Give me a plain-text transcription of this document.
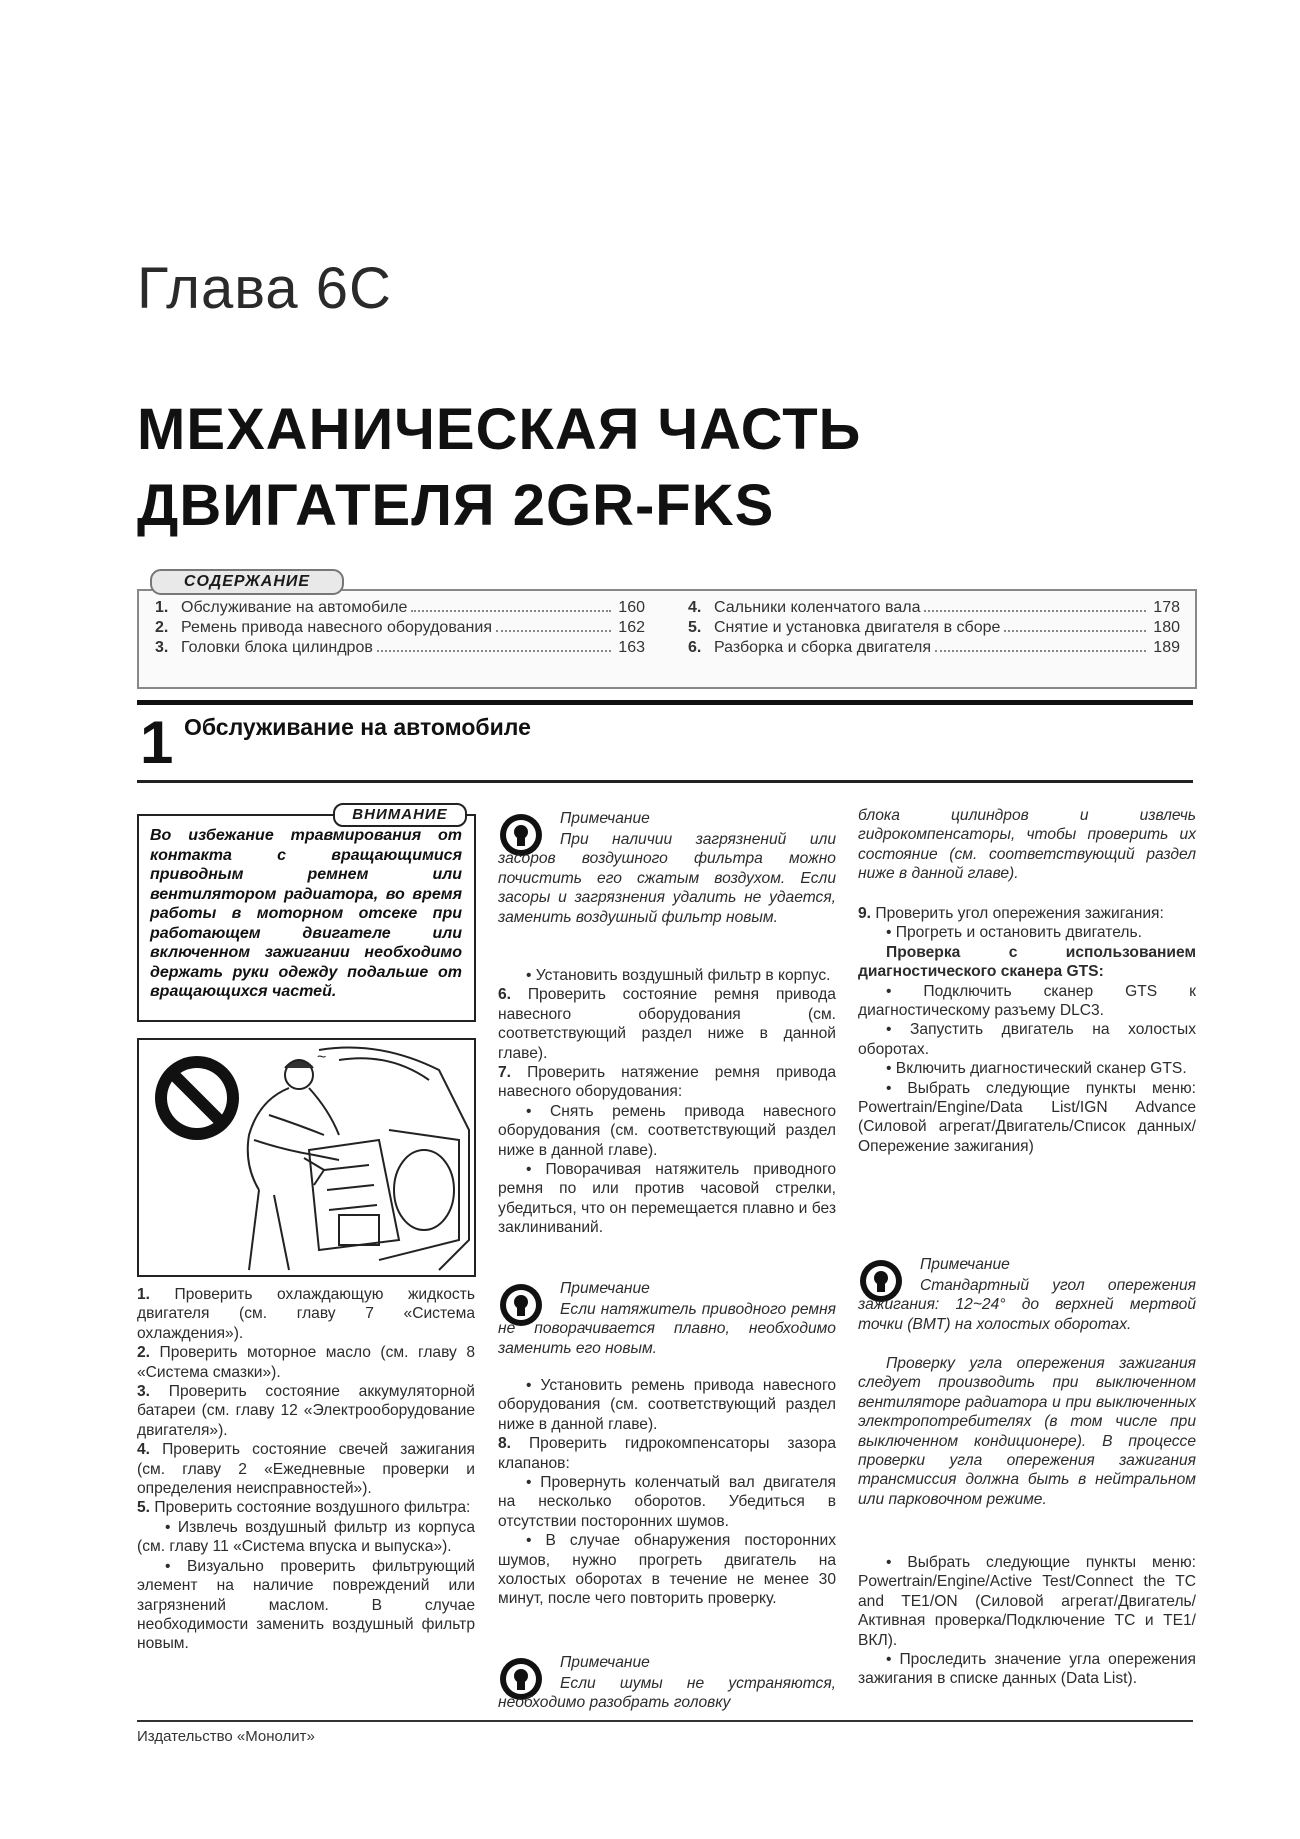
Глава 6С
МЕХАНИЧЕСКАЯ ЧАСТЬ
ДВИГАТЕЛЯ 2GR-FKS
СОДЕРЖАНИЕ
1. Обслуживание на автомобиле	160
2. Ремень привода навесного оборудования	162
3. Головки блока цилиндров	163
4. Сальники коленчатого вала	178
5. Снятие и установка двигателя в сборе	180
6. Разборка и сборка двигателя	189
1 Обслуживание на автомобиле
ВНИМАНИЕ
Во избежание травмирования от контакта с вращающимися приводным ремнем или вентилятором радиатора, во время работы в моторном отсеке при работающем двигателе или включенном зажигании необходимо держать руки одежду подальше от вращающихся частей.
~

1. Проверить охлаждающую жидкость двигателя (см. главу 7 «Система охлаждения»).

2. Проверить моторное масло (см. главу 8 «Система смазки»).

3. Проверить состояние аккумуляторной батареи (см. главу 12 «Электрооборудование двигателя»).

4. Проверить состояние свечей зажигания (см. главу 2 «Ежедневные проверки и определения неисправностей»).

5. Проверить состояние воздушного фильтра:

• Извлечь воздушный фильтр из корпуса (см. главу 11 «Система впуска и выпуска»).

• Визуально проверить фильтрующий элемент на наличие повреждений или загрязнений маслом. В случае необходимости заменить воздушный фильтр новым.

Примечание
При наличии загрязнений или засоров воздушного фильтра можно почистить его сжатым воздухом. Если засоры и загрязнения удалить не удается, заменить воздушный фильтр новым.

• Установить воздушный фильтр в корпус.

6. Проверить состояние ремня привода навесного оборудования (см. соответствующий раздел ниже в данной главе).

7. Проверить натяжение ремня привода навесного оборудования:

• Снять ремень привода навесного оборудования (см. соответствующий раздел ниже в данной главе).

• Поворачивая натяжитель приводного ремня по или против часовой стрелки, убедиться, что он перемещается плавно и без заклиниваний.

Примечание
Если натяжитель приводного ремня не поворачивается плавно, необходимо заменить его новым.

• Установить ремень привода навесного оборудования (см. соответствующий раздел ниже в данной главе).

8. Проверить гидрокомпенсаторы зазора клапанов:

• Провернуть коленчатый вал двигателя на несколько оборотов. Убедиться в отсутствии посторонних шумов.

• В случае обнаружения посторонних шумов, нужно прогреть двигатель на холостых оборотах в течение не менее 30 минут, после чего повторить проверку.

Примечание
Если шумы не устраняются, необходимо разобрать головку
блока цилиндров и извлечь гидрокомпенсаторы, чтобы проверить их состояние (см. соответствующий раздел ниже в данной главе).

9. Проверить угол опережения зажигания:

• Прогреть и остановить двигатель.

Проверка с использованием диагностического сканера GTS:

• Подключить сканер GTS к диагностическому разъему DLC3.

• Запустить двигатель на холостых оборотах.

• Включить диагностический сканер GTS.

• Выбрать следующие пункты меню: Powertrain/Engine/Data List/IGN Advance (Силовой агрегат/Двигатель/Список данных/Опережение зажигания)

Примечание
Стандартный угол опережения зажигания: 12~24° до верхней мертвой точки (ВМТ) на холостых оборотах.
Проверку угла опережения зажигания следует производить при выключенном вентиляторе радиатора и при выключенных электропотребителях (в том числе при выключенном кондиционере). В процессе проверки угла опережения зажигания трансмиссия должна быть в нейтральном или парковочном режиме.

• Выбрать следующие пункты меню: Powertrain/Engine/Active Test/Connect the TC and TE1/ON (Силовой агрегат/Двигатель/Активная проверка/Подключение ТС и ТЕ1/ВКЛ).

• Проследить значение угла опережения зажигания в списке данных (Data List).

Издательство «Монолит»
